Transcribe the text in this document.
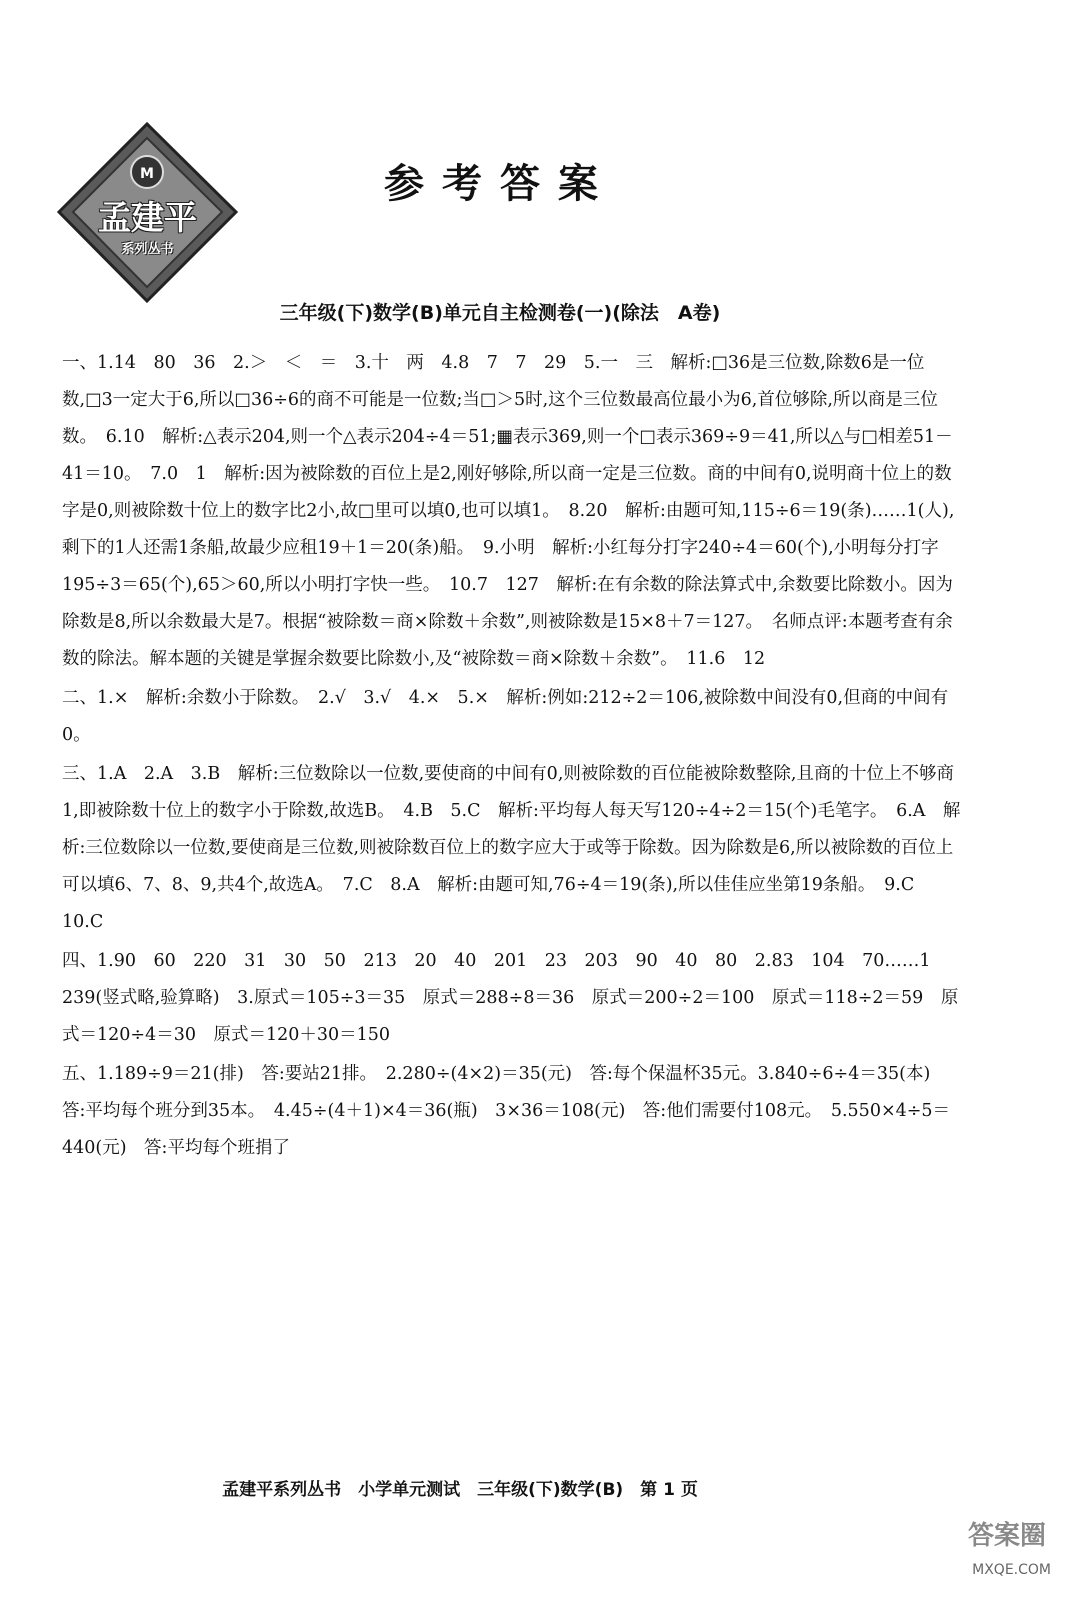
M
孟建平
系列丛书
参考答案
三年级(下)数学(B)单元自主检测卷(一)(除法　A卷)

一、1.14　80　36　2.＞　＜　＝　3.十　两　4.8　7　7　29　5.一　三　解析:□36是三位数,除数6是一位数,□3一定大于6,所以□36÷6的商不可能是一位数;当□＞5时,这个三位数最高位最小为6,首位够除,所以商是三位数。　6.10　解析:△表示204,则一个△表示204÷4＝51;▦表示369,则一个□表示369÷9＝41,所以△与□相差51－41＝10。　7.0　1　解析:因为被除数的百位上是2,刚好够除,所以商一定是三位数。商的中间有0,说明商十位上的数字是0,则被除数十位上的数字比2小,故□里可以填0,也可以填1。　8.20　解析:由题可知,115÷6＝19(条)……1(人),剩下的1人还需1条船,故最少应租19＋1＝20(条)船。　9.小明　解析:小红每分打字240÷4＝60(个),小明每分打字195÷3＝65(个),65＞60,所以小明打字快一些。　10.7　127　解析:在有余数的除法算式中,余数要比除数小。因为除数是8,所以余数最大是7。根据“被除数＝商×除数＋余数”,则被除数是15×8＋7＝127。　名师点评:本题考查有余数的除法。解本题的关键是掌握余数要比除数小,及“被除数＝商×除数＋余数”。　11.6　12

二、1.×　解析:余数小于除数。　2.√　3.√　4.×　5.×　解析:例如:212÷2＝106,被除数中间没有0,但商的中间有0。

三、1.A　2.A　3.B　解析:三位数除以一位数,要使商的中间有0,则被除数的百位能被除数整除,且商的十位上不够商1,即被除数十位上的数字小于除数,故选B。　4.B　5.C　解析:平均每人每天写120÷4÷2＝15(个)毛笔字。　6.A　解析:三位数除以一位数,要使商是三位数,则被除数百位上的数字应大于或等于除数。因为除数是6,所以被除数的百位上可以填6、7、8、9,共4个,故选A。　7.C　8.A　解析:由题可知,76÷4＝19(条),所以佳佳应坐第19条船。　9.C　10.C

四、1.90　60　220　31　30　50　213　20　40　201　23　203　90　40　80　2.83　104　70……1　239(竖式略,验算略)　3.原式＝105÷3＝35　原式＝288÷8＝36　原式＝200÷2＝100　原式＝118÷2＝59　原式＝120÷4＝30　原式＝120＋30＝150

五、1.189÷9＝21(排)　答:要站21排。　2.280÷(4×2)＝35(元)　答:每个保温杯35元。3.840÷6÷4＝35(本)　答:平均每个班分到35本。　4.45÷(4＋1)×4＝36(瓶)　3×36＝108(元)　答:他们需要付108元。　5.550×4÷5＝440(元)　答:平均每个班捐了

孟建平系列丛书　小学单元测试　三年级(下)数学(B)　第 1 页
答案圈
MXQE.COM
